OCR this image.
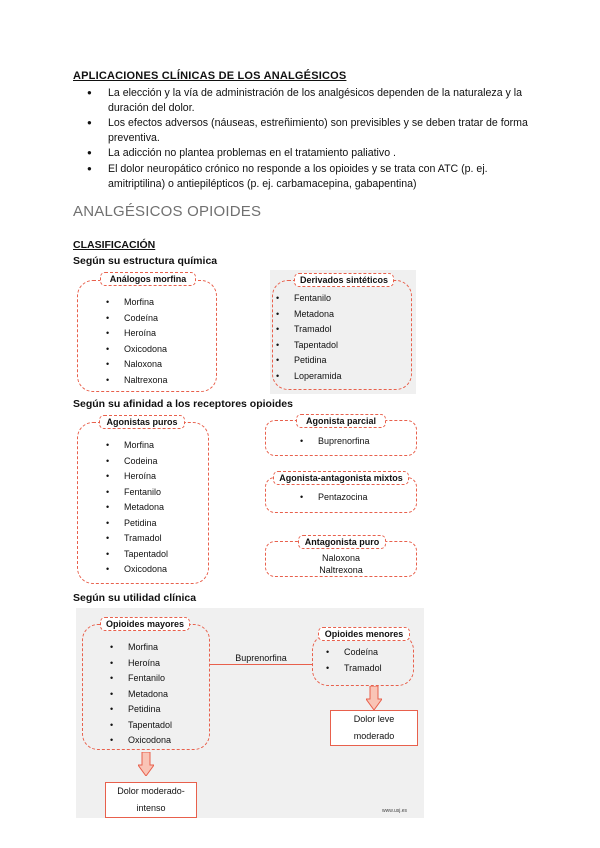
APLICACIONES CLÍNICAS DE LOS ANALGÉSICOS
● La elección y la vía de administración de los analgésicos dependen de la naturaleza y la duración del dolor.
● Los efectos adversos (náuseas, estreñimiento) son previsibles y se deben tratar de forma preventiva.
● La adicción no plantea problemas en el tratamiento paliativo .
● El dolor neuropático crónico no responde a los opioides y se trata con ATC (p. ej. amitriptilina) o antiepilépticos (p. ej. carbamacepina, gabapentina)
ANALGÉSICOS OPIOIDES
CLASIFICACIÓN
Según su estructura química
Análogos morfina
• Morfina
• Codeína
• Heroína
• Oxicodona
• Naloxona
• Naltrexona
Derivados sintéticos
• Fentanilo
• Metadona
• Tramadol
• Tapentadol
• Petidina
• Loperamida
Según su afinidad a los receptores opioides
Agonistas puros
• Morfina
• Codeina
• Heroína
• Fentanilo
• Metadona
• Petidina
• Tramadol
• Tapentadol
• Oxicodona
Agonista parcial
• Buprenorfina
Agonista-antagonista mixtos
• Pentazocina
Antagonista puro
Naloxona
Naltrexona
Según su utilidad clínica
Opioides mayores
• Morfina
• Heroína
• Fentanilo
• Metadona
• Petidina
• Tapentadol
• Oxicodona
Buprenorfina
Opioides menores
• Codeína
• Tramadol
Dolor leve
moderado
Dolor moderado-
intenso	www.usj.es
